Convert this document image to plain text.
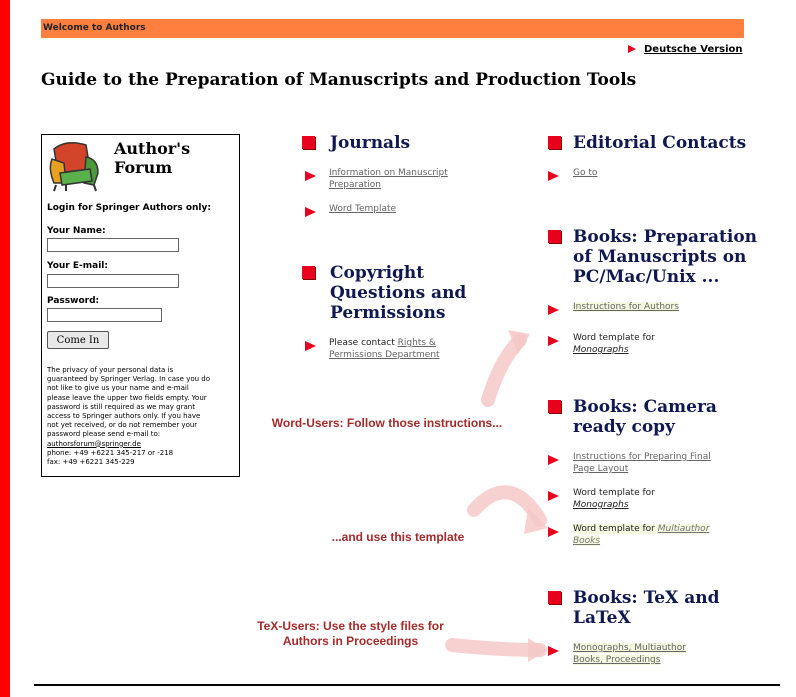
Welcome to Authors
Deutsche Version
Guide to the Preparation of Manuscripts and Production Tools
Author's
Forum
Login for Springer Authors only:
Your Name:
Your E-mail:
Password:
Come In
The privacy of your personal data is
guaranteed by Springer Verlag. In case you do
not like to give us your name and e-mail
please leave the upper two fields empty. Your
password is still required as we may grant
access to Springer authors only. If you have
not yet received, or do not remember your
password please send e-mail to:
authorsforum@springer.de
phone: +49 +6221 345-217 or -218
fax: +49 +6221 345-229
Journals
Information on Manuscript
Preparation
Word Template
Copyright
Questions and
Permissions
Please contact Rights &
Permissions Department
Editorial Contacts
Go to
Books: Preparation
of Manuscripts on
PC/Mac/Unix ...
Instructions for Authors
Word template for
Monographs
Books: Camera
ready copy
Instructions for Preparing Final
Page Layout
Word template for
Monographs
Word template for Multiauthor
Books
Books: TeX and
LaTeX
Monographs, Multiauthor
Books, Proceedings
Word-Users: Follow those instructions...
...and use this template
TeX-Users: Use the style files for
Authors in Proceedings
